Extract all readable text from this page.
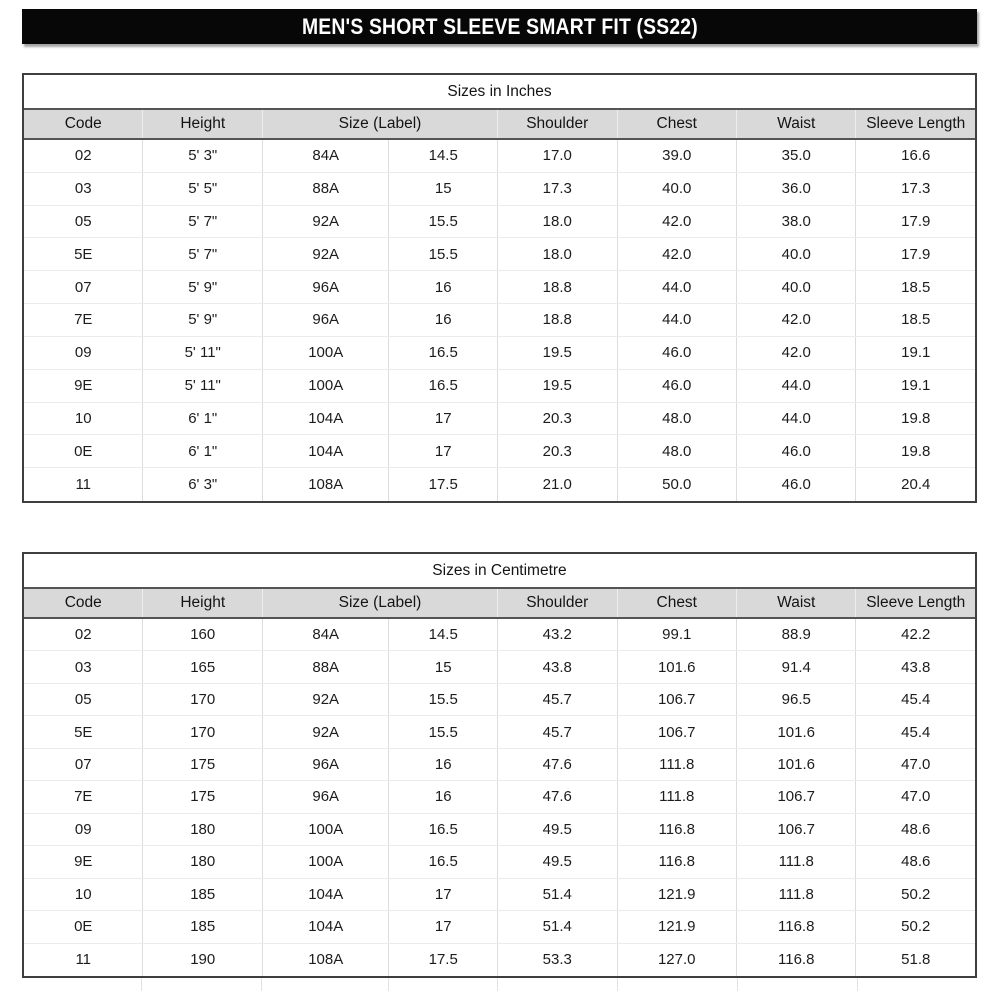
MEN'S SHORT SLEEVE SMART FIT (SS22)
Sizes in Inches
Code	Height	Size (Label)	Shoulder	Chest	Waist	Sleeve Length
02	5' 3"	84A	14.5	17.0	39.0	35.0	16.6
03	5' 5"	88A	15	17.3	40.0	36.0	17.3
05	5' 7"	92A	15.5	18.0	42.0	38.0	17.9
5E	5' 7"	92A	15.5	18.0	42.0	40.0	17.9
07	5' 9"	96A	16	18.8	44.0	40.0	18.5
7E	5' 9"	96A	16	18.8	44.0	42.0	18.5
09	5' 11"	100A	16.5	19.5	46.0	42.0	19.1
9E	5' 11"	100A	16.5	19.5	46.0	44.0	19.1
10	6' 1"	104A	17	20.3	48.0	44.0	19.8
0E	6' 1"	104A	17	20.3	48.0	46.0	19.8
11	6' 3"	108A	17.5	21.0	50.0	46.0	20.4
Sizes in Centimetre
Code	Height	Size (Label)	Shoulder	Chest	Waist	Sleeve Length
02	160	84A	14.5	43.2	99.1	88.9	42.2
03	165	88A	15	43.8	101.6	91.4	43.8
05	170	92A	15.5	45.7	106.7	96.5	45.4
5E	170	92A	15.5	45.7	106.7	101.6	45.4
07	175	96A	16	47.6	111.8	101.6	47.0
7E	175	96A	16	47.6	111.8	106.7	47.0
09	180	100A	16.5	49.5	116.8	106.7	48.6
9E	180	100A	16.5	49.5	116.8	111.8	48.6
10	185	104A	17	51.4	121.9	111.8	50.2
0E	185	104A	17	51.4	121.9	116.8	50.2
11	190	108A	17.5	53.3	127.0	116.8	51.8
